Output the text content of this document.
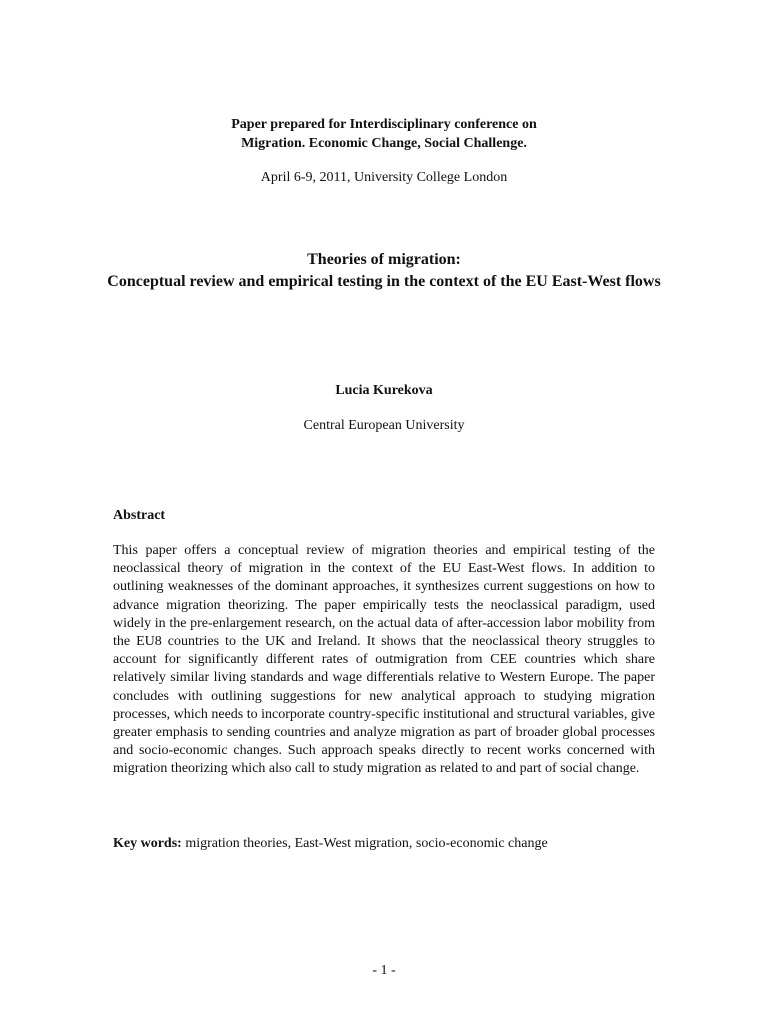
Paper prepared for Interdisciplinary conference on
Migration. Economic Change, Social Challenge.
April 6-9, 2011, University College London
Theories of migration:
Conceptual review and empirical testing in the context of the EU East-West flows
Lucia Kurekova
Central European University
Abstract
This paper offers a conceptual review of migration theories and empirical testing of the neoclassical theory of migration in the context of the EU East-West flows. In addition to outlining weaknesses of the dominant approaches, it synthesizes current suggestions on how to advance migration theorizing. The paper empirically tests the neoclassical paradigm, used widely in the pre-enlargement research, on the actual data of after-accession labor mobility from the EU8 countries to the UK and Ireland. It shows that the neoclassical theory struggles to account for significantly different rates of outmigration from CEE countries which share relatively similar living standards and wage differentials relative to Western Europe. The paper concludes with outlining suggestions for new analytical approach to studying migration processes, which needs to incorporate country-specific institutional and structural variables, give greater emphasis to sending countries and analyze migration as part of broader global processes and socio-economic changes. Such approach speaks directly to recent works concerned with migration theorizing which also call to study migration as related to and part of social change.
Key words: migration theories, East-West migration, socio-economic change
- 1 -
